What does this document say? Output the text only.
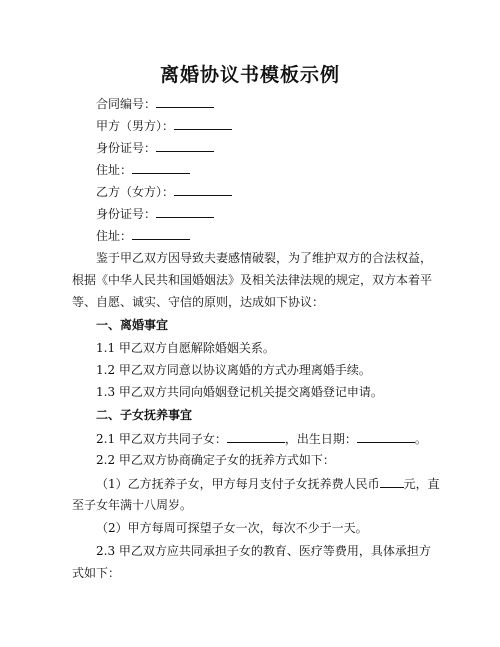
离婚协议书模板示例
合同编号：
甲方（男方）：
身份证号：
住址：
乙方（女方）：
身份证号：
住址：
鉴于甲乙双方因导致夫妻感情破裂，为了维护双方的合法权益，
根据《中华人民共和国婚姻法》及相关法律法规的规定，双方本着平
等、自愿、诚实、守信的原则，达成如下协议：
一、离婚事宜
1.1 甲乙双方自愿解除婚姻关系。
1.2 甲乙双方同意以协议离婚的方式办理离婚手续。
1.3 甲乙双方共同向婚姻登记机关提交离婚登记申请。
二、子女抚养事宜
2.1 甲乙双方共同子女：	，出生日期：	。
2.2 甲乙双方协商确定子女的抚养方式如下：
（1）乙方抚养子女，甲方每月支付子女抚养费人民币 元，直
至子女年满十八周岁。
（2）甲方每周可探望子女一次，每次不少于一天。
2.3 甲乙双方应共同承担子女的教育、医疗等费用，具体承担方
式如下：
